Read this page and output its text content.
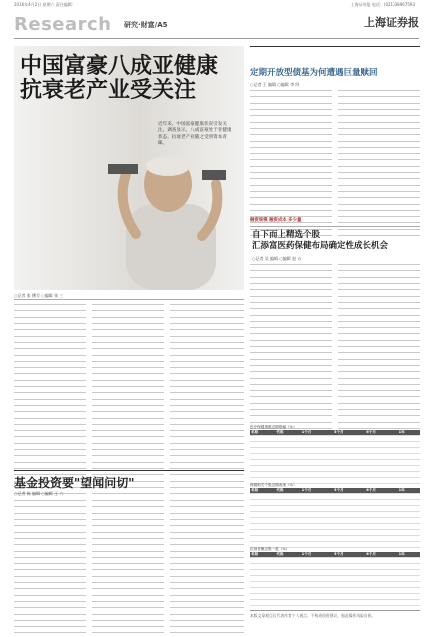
2016年4月2日 星期六 责任编辑：	上海证券报 电话：(021)38967593
Research 研究·财富/A5	上海证券报
中国富豪八成亚健康
抗衰老产业受关注
近年来，中国富豪健康状况引发关注。调查显示，八成富豪处于亚健康状态，抗衰老产业随之受到资本青睐。
○记者 张 撰写 ○编辑 张 三
基金投资要"望闻问切"
○记者 陈 编辑 ○编辑 王 六
定期开放型债基为何遭遇巨量赎回
○记者 王 编辑 ○编辑 李 四
融资规模 融资成本 多少量
自下而上精选个股
汇添富医药保健布局确定性成长机会
○记者 吴 编辑 ○编辑 赵 五
医疗保健指数近期涨幅（%）
名称	代码	1个月	3个月	6个月	1年

保健相关个股近期表现（%）
名称	代码	1个月	3个月	6个月	1年

抗衰老概念股一览（%）
名称	代码	1个月	3个月	6个月	1年

本版文章观点仅代表作者个人观点，不构成投资建议，据此操作风险自担。
